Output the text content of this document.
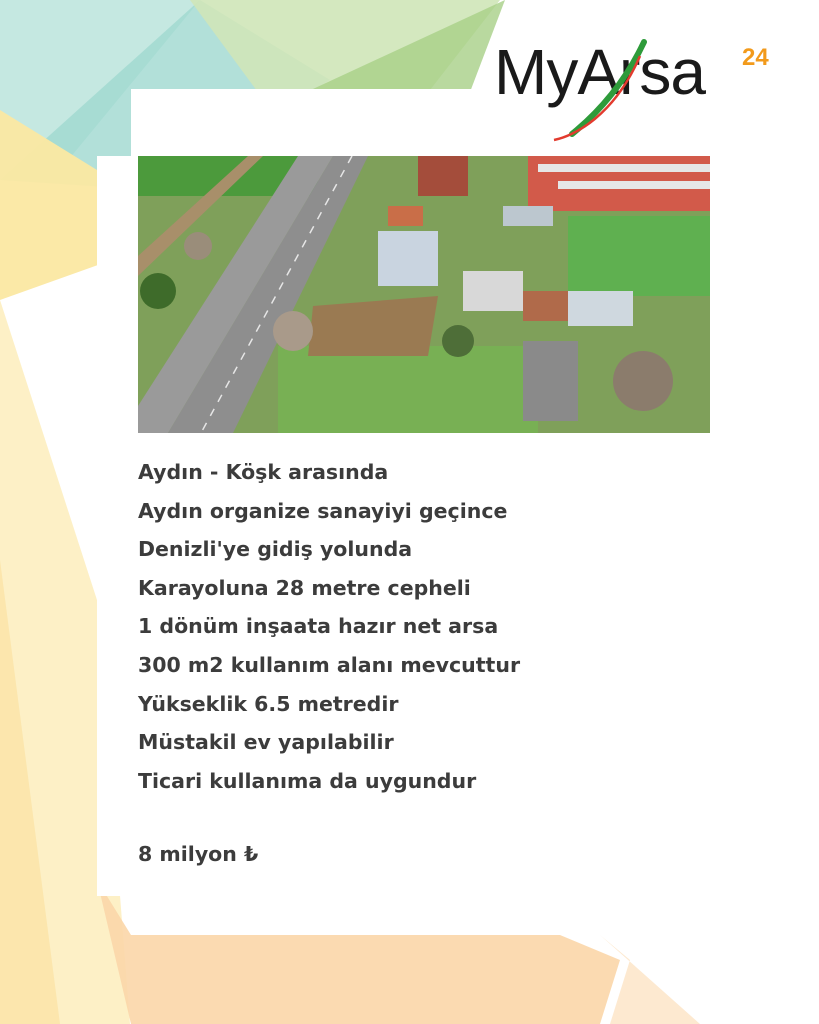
MyArsa 24
Aydın - Köşk arasında
Aydın organize sanayiyi geçince
Denizli'ye gidiş yolunda
Karayoluna 28 metre cepheli
1 dönüm inşaata hazır net arsa
300 m2 kullanım alanı mevcuttur
Yükseklik 6.5 metredir
Müstakil ev yapılabilir
Ticari kullanıma da uygundur
8 milyon ₺
